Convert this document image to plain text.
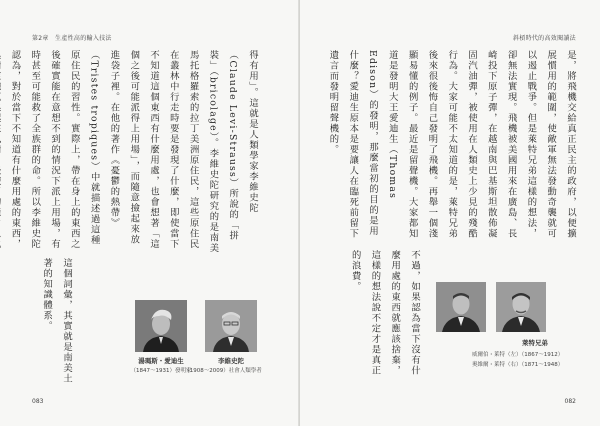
第2章　生產性高的輸入技法
得有用」。這就是人類學家李維史陀（Claude Levi-Strauss）所說的「拼裝」（bricolage）。李維史陀研究的是南美馬托格羅索的拉丁美洲原住民，這些原住民在叢林中行走時要是發現了什麼，即使當下不知道這個東西有什麼用處，也會想著「這個之後可能派得上用場」，而隨意撿起來放進袋子裡。在他的著作《憂鬱的熱帶》（Tristes tropiques）中就描述過這種原住民的習性。實際上，帶在身上的東西之後確實能在意想不到的情況下派上用場，有時甚至可能救了全族群的命。所以李維史陀認為，對於當下不知道有什麼用處的東西，
這個詞彙，其實就是南美土著的知識體系。
李維史陀
（1908～2009）社會人類學者
湯瑪斯・愛迪生
（1847～1931）發明家
083
斜槓時代的高效閱讀法
是，將飛機交給真正民主的政府，以便擴展慣用的範圍，使敵軍無法發動奇襲就可以遏止戰爭。但是萊特兄弟這樣的想法，卻無法實現。飛機被美國用來在廣島、長崎投下原子彈，在越南與巴基斯坦散佈凝固汽油彈，被使用在人類史上少見的殘酷行為。大家可能不太知道的是，萊特兄弟後來很後悔自己發明了飛機。再舉一個淺顯易懂的例子。最近是留聲機。大家都知道是發明大王愛迪生（Thomas Edison）的發明，那麼當初的目的是用什麼？愛迪生原本是要讓人在臨死前留下遺言而發明留聲機的。
不過，如果認為當下沒有什麼用處的東西就應該捨棄，這樣的想法說不定才是真正的浪費。
萊特兄弟
威爾伯・萊特（左）（1867～1912）
奧維爾・萊特（右）（1871～1948）
082
